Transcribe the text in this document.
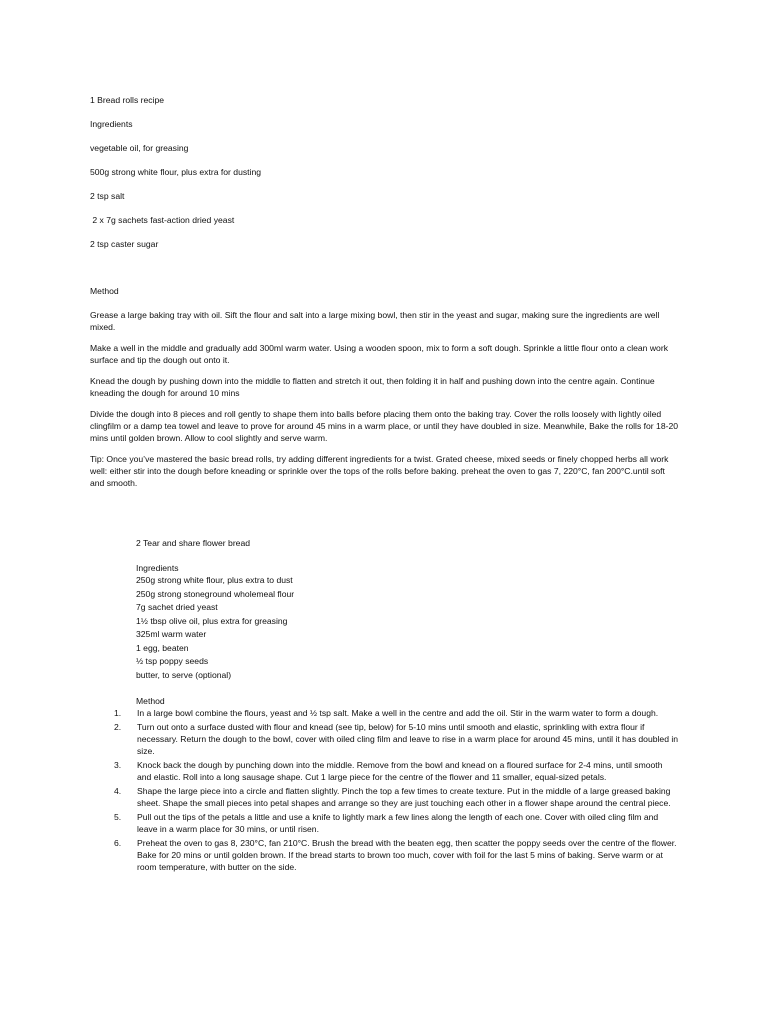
1 Bread rolls recipe
Ingredients
vegetable oil, for greasing
500g strong white flour, plus extra for dusting
2 tsp salt
2 x 7g sachets fast-action dried yeast
2 tsp caster sugar
Method
Grease a large baking tray with oil. Sift the flour and salt into a large mixing bowl, then stir in the yeast and sugar, making sure the ingredients are well mixed.
Make a well in the middle and gradually add 300ml warm water. Using a wooden spoon, mix to form a soft dough. Sprinkle a little flour onto a clean work surface and tip the dough out onto it.
Knead the dough by pushing down into the middle to flatten and stretch it out, then folding it in half and pushing down into the centre again. Continue kneading the dough for around 10 mins
Divide the dough into 8 pieces and roll gently to shape them into balls before placing them onto the baking tray. Cover the rolls loosely with lightly oiled clingfilm or a damp tea towel and leave to prove for around 45 mins in a warm place, or until they have doubled in size. Meanwhile, Bake the rolls for 18-20 mins until golden brown. Allow to cool slightly and serve warm.
Tip: Once you’ve mastered the basic bread rolls, try adding different ingredients for a twist. Grated cheese, mixed seeds or finely chopped herbs all work well: either stir into the dough before kneading or sprinkle over the tops of the rolls before baking. preheat the oven to gas 7, 220°C, fan 200°C.until soft and smooth.
2 Tear and share flower bread
Ingredients
250g strong white flour, plus extra to dust
250g strong stoneground wholemeal flour
7g sachet dried yeast
1½ tbsp olive oil, plus extra for greasing
325ml warm water
1 egg, beaten
½ tsp poppy seeds
butter, to serve (optional)
Method
1. In a large bowl combine the flours, yeast and ½ tsp salt. Make a well in the centre and add the oil. Stir in the warm water to form a dough.
2. Turn out onto a surface dusted with flour and knead (see tip, below) for 5-10 mins until smooth and elastic, sprinkling with extra flour if necessary. Return the dough to the bowl, cover with oiled cling film and leave to rise in a warm place for around 45 mins, until it has doubled in size.
3. Knock back the dough by punching down into the middle. Remove from the bowl and knead on a floured surface for 2-4 mins, until smooth and elastic. Roll into a long sausage shape. Cut 1 large piece for the centre of the flower and 11 smaller, equal-sized petals.
4. Shape the large piece into a circle and flatten slightly. Pinch the top a few times to create texture. Put in the middle of a large greased baking sheet. Shape the small pieces into petal shapes and arrange so they are just touching each other in a flower shape around the central piece.
5. Pull out the tips of the petals a little and use a knife to lightly mark a few lines along the length of each one. Cover with oiled cling film and leave in a warm place for 30 mins, or until risen.
6. Preheat the oven to gas 8, 230°C, fan 210°C. Brush the bread with the beaten egg, then scatter the poppy seeds over the centre of the flower. Bake for 20 mins or until golden brown. If the bread starts to brown too much, cover with foil for the last 5 mins of baking. Serve warm or at room temperature, with butter on the side.
